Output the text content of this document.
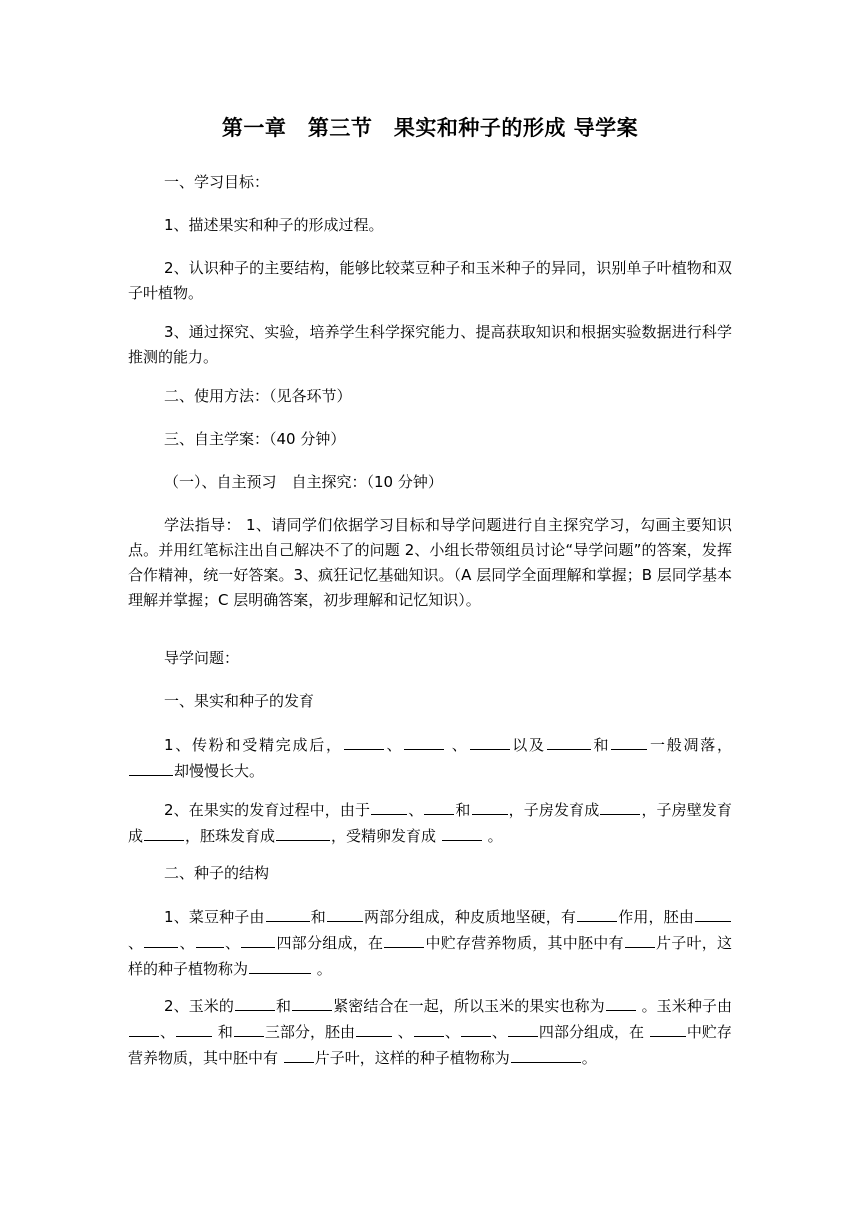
第一章　第三节　果实和种子的形成 导学案

一、学习目标：

1、描述果实和种子的形成过程。

2、认识种子的主要结构，能够比较菜豆种子和玉米种子的异同，识别单子叶植物和双子叶植物。

3、通过探究、实验，培养学生科学探究能力、提高获取知识和根据实验数据进行科学推测的能力。

二、使用方法：（见各环节）

三、自主学案：（40 分钟）

（一）、自主预习　自主探究：（10 分钟）

学法指导： 1、请同学们依据学习目标和导学问题进行自主探究学习，勾画主要知识点。并用红笔标注出自己解决不了的问题 2、小组长带领组员讨论“导学问题”的答案，发挥合作精神，统一好答案。3、疯狂记忆基础知识。（A 层同学全面理解和掌握；B 层同学基本理解并掌握；C 层明确答案，初步理解和记忆知识）。

导学问题：

一、果实和种子的发育

1、传粉和受精完成后，	、	、	以及	和	一般凋落，却慢慢长大。

2、在果实的发育过程中，由于	、 和	，子房发育成	，子房壁发育成	，胚珠发育成	，受精卵发育成	。

二、种子的结构

1、菜豆种子由	和	两部分组成，种皮质地坚硬，有	作用，胚由 、 、 、 四部分组成，在	中贮存营养物质，其中胚中有 片子叶，这样的种子植物称为	。

2、玉米的	和	紧密结合在一起，所以玉米的果实也称为 。玉米种子由、	和 三部分，胚由	、 、 、 四部分组成，在	中贮存营养物质，其中胚中有 片子叶，这样的种子植物称为	。
